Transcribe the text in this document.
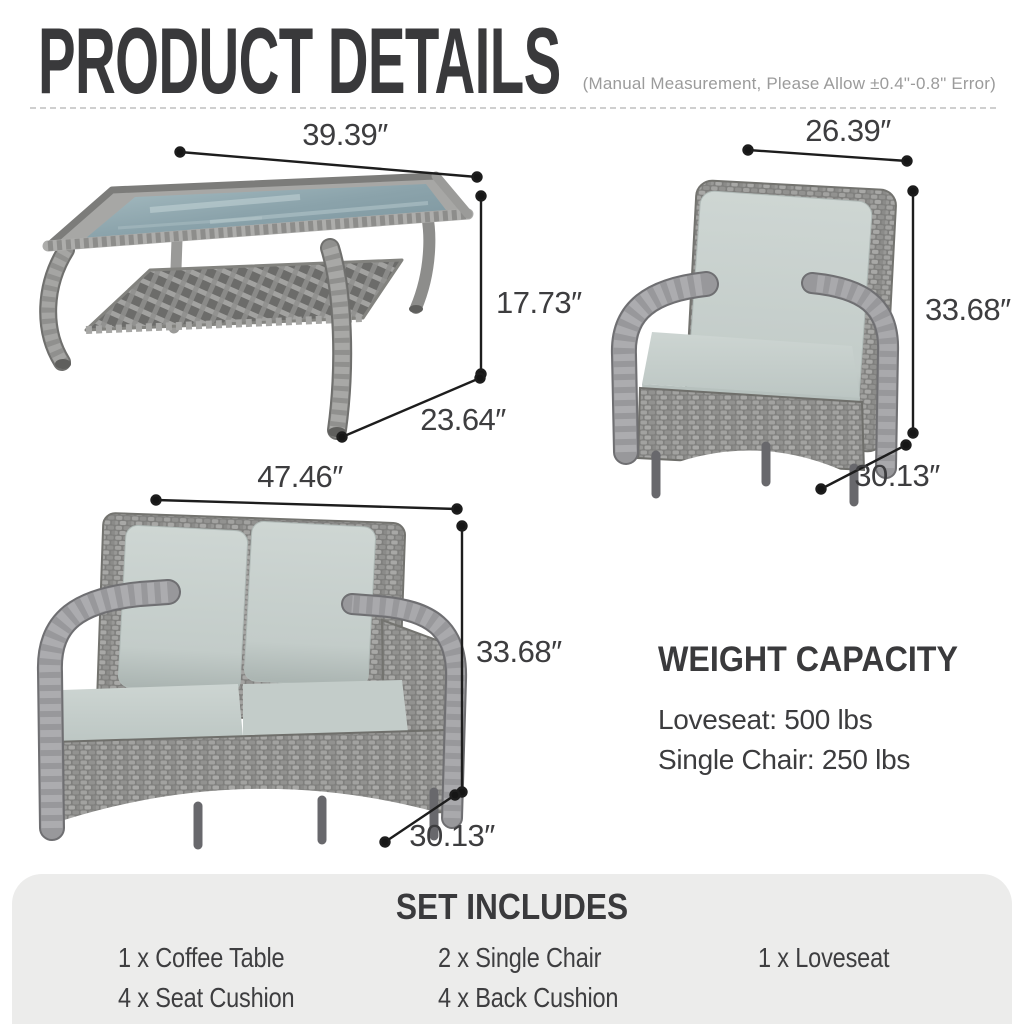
PRODUCT DETAILS (Manual Measurement, Please Allow ±0.4"-0.8" Error)
39.39″
17.73″
23.64″
26.39″
33.68″
30.13″
47.46″
33.68″
30.13″
WEIGHT CAPACITY
Loveseat: 500 lbs
Single Chair: 250 lbs
SET INCLUDES
1 x Coffee Table	2 x Single Chair	1 x Loveseat
4 x Seat Cushion	4 x Back Cushion
